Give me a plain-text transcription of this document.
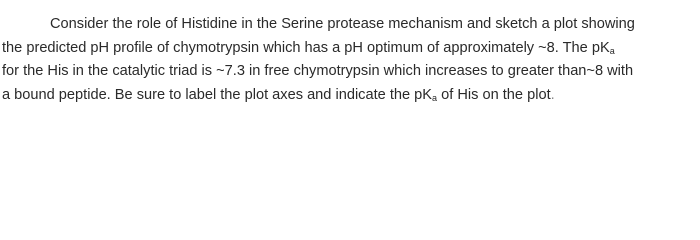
Consider the role of Histidine in the Serine protease mechanism and sketch a plot showing
the predicted pH profile of chymotrypsin which has a pH optimum of approximately ~8. The $pK_a$
for the His in the catalytic triad is ~7.3 in free chymotrypsin which increases to greater than~8 with
a bound peptide. Be sure to label the plot axes and indicate the $pK_a$ of His on the plot.
